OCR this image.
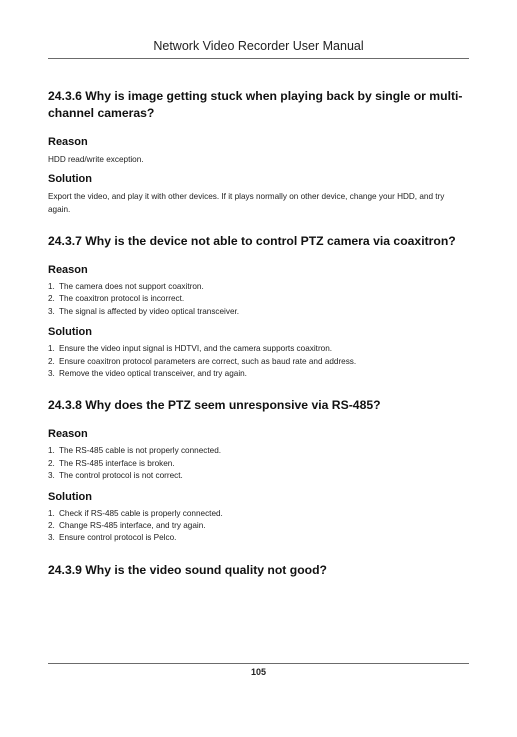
Network Video Recorder User Manual
24.3.6 Why is image getting stuck when playing back by single or multi-channel cameras?
Reason

HDD read/write exception.

Solution

Export the video, and play it with other devices. If it plays normally on other device, change your HDD, and try again.

24.3.7 Why is the device not able to control PTZ camera via coaxitron?
Reason
1. The camera does not support coaxitron.
2. The coaxitron protocol is incorrect.
3. The signal is affected by video optical transceiver.
Solution
1. Ensure the video input signal is HDTVI, and the camera supports coaxitron.
2. Ensure coaxitron protocol parameters are correct, such as baud rate and address.
3. Remove the video optical transceiver, and try again.
24.3.8 Why does the PTZ seem unresponsive via RS-485?
Reason
1. The RS-485 cable is not properly connected.
2. The RS-485 interface is broken.
3. The control protocol is not correct.
Solution
1. Check if RS-485 cable is properly connected.
2. Change RS-485 interface, and try again.
3. Ensure control protocol is Pelco.
24.3.9 Why is the video sound quality not good?
105
